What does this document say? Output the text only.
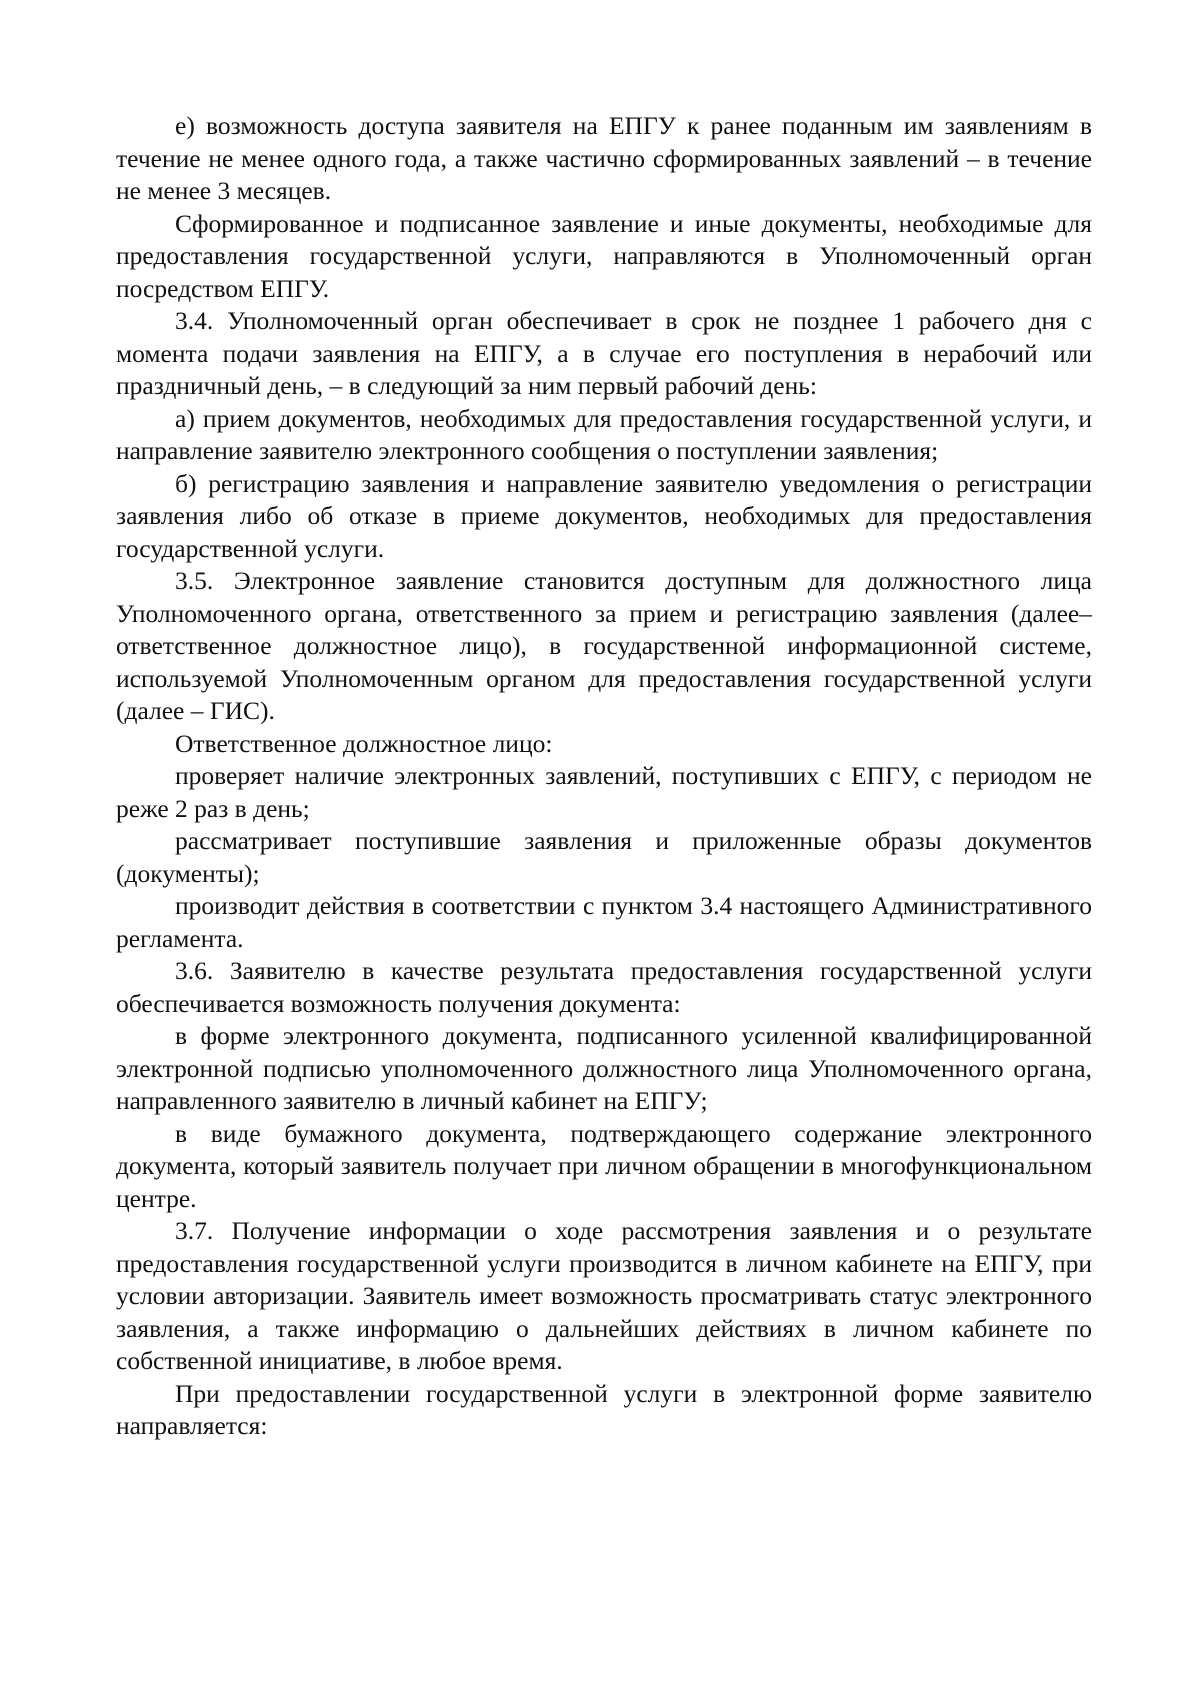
е) возможность доступа заявителя на ЕПГУ к ранее поданным им заявлениям в течение не менее одного года, а также частично сформированных заявлений – в течение не менее 3 месяцев.

Сформированное и подписанное заявление и иные документы, необходимые для предоставления государственной услуги, направляются в Уполномоченный орган посредством ЕПГУ.

3.4. Уполномоченный орган обеспечивает в срок не позднее 1 рабочего дня с момента подачи заявления на ЕПГУ, а в случае его поступления в нерабочий или праздничный день, – в следующий за ним первый рабочий день:

а) прием документов, необходимых для предоставления государственной услуги, и направление заявителю электронного сообщения о поступлении заявления;

б) регистрацию заявления и направление заявителю уведомления о регистрации заявления либо об отказе в приеме документов, необходимых для предоставления государственной услуги.

3.5. Электронное заявление становится доступным для должностного лица Уполномоченного органа, ответственного за прием и регистрацию заявления (далее– ответственное должностное лицо), в государственной информационной системе, используемой Уполномоченным органом для предоставления государственной услуги (далее – ГИС).

Ответственное должностное лицо:

проверяет наличие электронных заявлений, поступивших с ЕПГУ, с периодом не реже 2 раз в день;

рассматривает поступившие заявления и приложенные образы документов (документы);

производит действия в соответствии с пунктом 3.4 настоящего Административного регламента.

3.6. Заявителю в качестве результата предоставления государственной услуги обеспечивается возможность получения документа:

в форме электронного документа, подписанного усиленной квалифицированной электронной подписью уполномоченного должностного лица Уполномоченного органа, направленного заявителю в личный кабинет на ЕПГУ;

в виде бумажного документа, подтверждающего содержание электронного документа, который заявитель получает при личном обращении в многофункциональном центре.

3.7. Получение информации о ходе рассмотрения заявления и о результате предоставления государственной услуги производится в личном кабинете на ЕПГУ, при условии авторизации. Заявитель имеет возможность просматривать статус электронного заявления, а также информацию о дальнейших действиях в личном кабинете по собственной инициативе, в любое время.

При предоставлении государственной услуги в электронной форме заявителю направляется:
